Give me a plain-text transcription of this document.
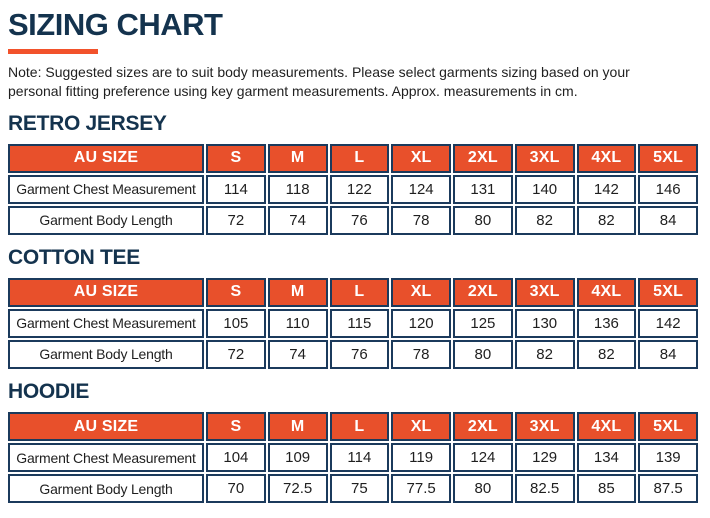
SIZING CHART

Note: Suggested sizes are to suit body measurements. Please select garments sizing based on your personal fitting preference using key garment measurements. Approx. measurements in cm.

RETRO JERSEY
AU SIZE	S	M	L	XL	2XL	3XL	4XL	5XL
Garment Chest Measurement	114	118	122	124	131	140	142	146
Garment Body Length	72	74	76	78	80	82	82	84
COTTON TEE
AU SIZE	S	M	L	XL	2XL	3XL	4XL	5XL
Garment Chest Measurement	105	110	115	120	125	130	136	142
Garment Body Length	72	74	76	78	80	82	82	84
HOODIE
AU SIZE	S	M	L	XL	2XL	3XL	4XL	5XL
Garment Chest Measurement	104	109	114	119	124	129	134	139
Garment Body Length	70	72.5	75	77.5	80	82.5	85	87.5
